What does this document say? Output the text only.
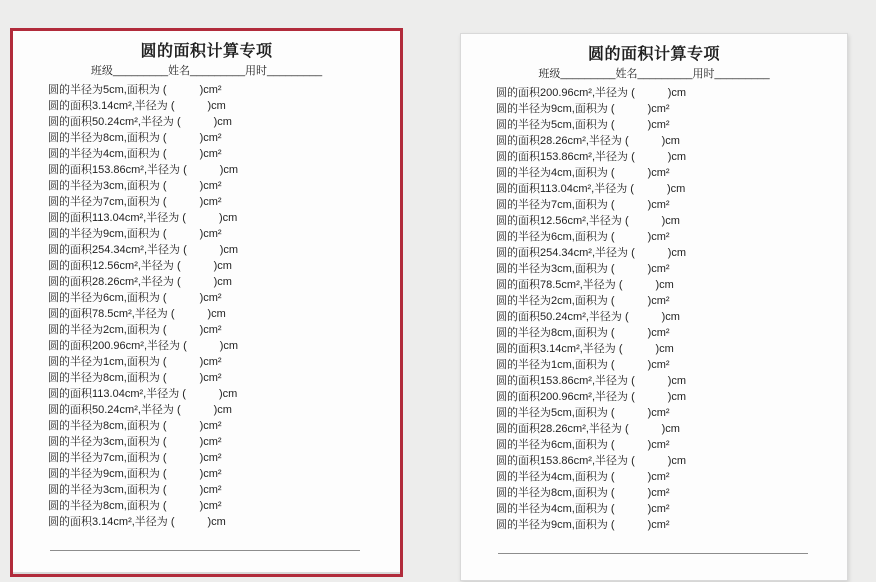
圆的面积计算专项
班级_________姓名_________用时_________
圆的半径为5cm,面积为 (	)cm²
圆的面积3.14cm²,半径为 (	)cm
圆的面积50.24cm²,半径为 (	)cm
圆的半径为8cm,面积为 (	)cm²
圆的半径为4cm,面积为 (	)cm²
圆的面积153.86cm²,半径为 (	)cm
圆的半径为3cm,面积为 (	)cm²
圆的半径为7cm,面积为 (	)cm²
圆的面积113.04cm²,半径为 (	)cm
圆的半径为9cm,面积为 (	)cm²
圆的面积254.34cm²,半径为 (	)cm
圆的面积12.56cm²,半径为 (	)cm
圆的面积28.26cm²,半径为 (	)cm
圆的半径为6cm,面积为 (	)cm²
圆的面积78.5cm²,半径为 (	)cm
圆的半径为2cm,面积为 (	)cm²
圆的面积200.96cm²,半径为 (	)cm
圆的半径为1cm,面积为 (	)cm²
圆的半径为8cm,面积为 (	)cm²
圆的面积113.04cm²,半径为 (	)cm
圆的面积50.24cm²,半径为 (	)cm
圆的半径为8cm,面积为 (	)cm²
圆的半径为3cm,面积为 (	)cm²
圆的半径为7cm,面积为 (	)cm²
圆的半径为9cm,面积为 (	)cm²
圆的半径为3cm,面积为 (	)cm²
圆的半径为8cm,面积为 (	)cm²
圆的面积3.14cm²,半径为 (	)cm
圆的面积计算专项
班级_________姓名_________用时_________
圆的面积200.96cm²,半径为 (	)cm
圆的半径为9cm,面积为 (	)cm²
圆的半径为5cm,面积为 (	)cm²
圆的面积28.26cm²,半径为 (	)cm
圆的面积153.86cm²,半径为 (	)cm
圆的半径为4cm,面积为 (	)cm²
圆的面积113.04cm²,半径为 (	)cm
圆的半径为7cm,面积为 (	)cm²
圆的面积12.56cm²,半径为 (	)cm
圆的半径为6cm,面积为 (	)cm²
圆的面积254.34cm²,半径为 (	)cm
圆的半径为3cm,面积为 (	)cm²
圆的面积78.5cm²,半径为 (	)cm
圆的半径为2cm,面积为 (	)cm²
圆的面积50.24cm²,半径为 (	)cm
圆的半径为8cm,面积为 (	)cm²
圆的面积3.14cm²,半径为 (	)cm
圆的半径为1cm,面积为 (	)cm²
圆的面积153.86cm²,半径为 (	)cm
圆的面积200.96cm²,半径为 (	)cm
圆的半径为5cm,面积为 (	)cm²
圆的面积28.26cm²,半径为 (	)cm
圆的半径为6cm,面积为 (	)cm²
圆的面积153.86cm²,半径为 (	)cm
圆的半径为4cm,面积为 (	)cm²
圆的半径为8cm,面积为 (	)cm²
圆的半径为4cm,面积为 (	)cm²
圆的半径为9cm,面积为 (	)cm²
